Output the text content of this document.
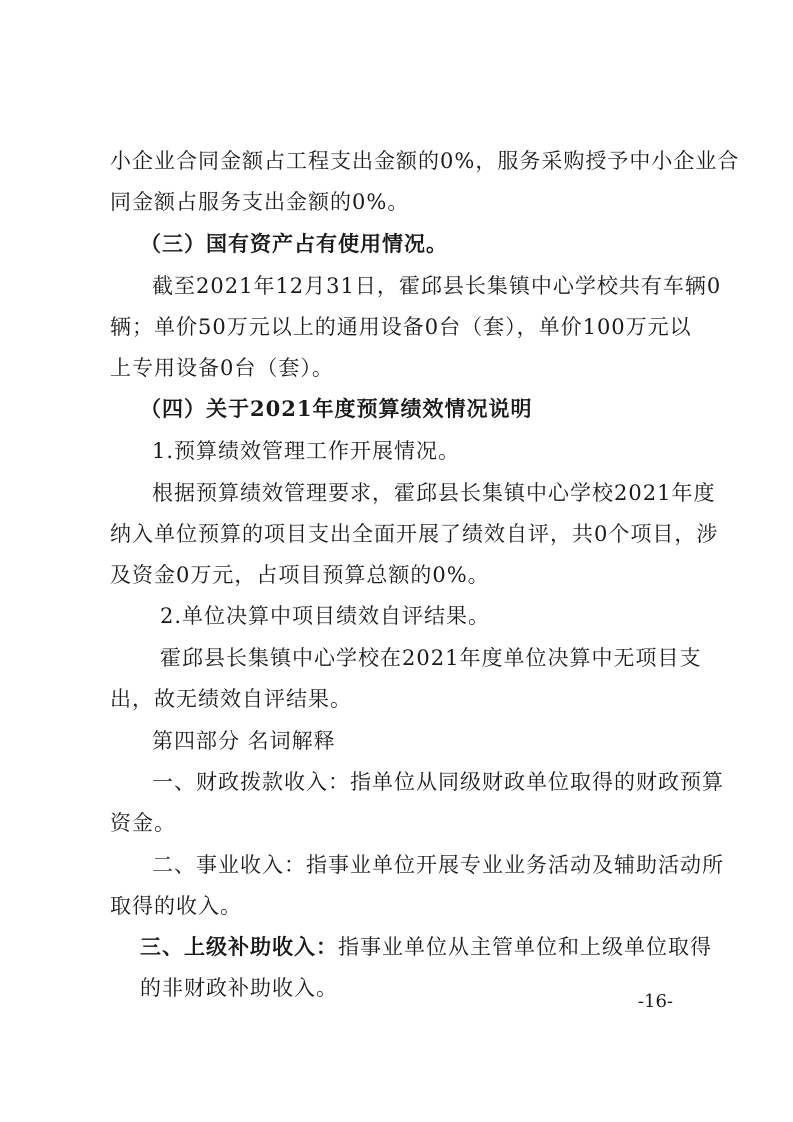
小企业合同金额占工程支出金额的0%，服务采购授予中小企业合
同金额占服务支出金额的0%。
（三）国有资产占有使用情况。
截至2021年12月31日，霍邱县长集镇中心学校共有车辆0
辆；单价50万元以上的通用设备0台（套），单价100万元以
上专用设备0台（套）。
（四）关于2021年度预算绩效情况说明
1.预算绩效管理工作开展情况。
根据预算绩效管理要求，霍邱县长集镇中心学校2021年度
纳入单位预算的项目支出全面开展了绩效自评，共0个项目，涉
及资金0万元，占项目预算总额的0%。
2.单位决算中项目绩效自评结果。
霍邱县长集镇中心学校在2021年度单位决算中无项目支
出，故无绩效自评结果。
第四部分 名词解释
一、财政拨款收入：指单位从同级财政单位取得的财政预算
资金。
二、事业收入：指事业单位开展专业业务活动及辅助活动所
取得的收入。
三、上级补助收入：指事业单位从主管单位和上级单位取得
的非财政补助收入。
-16-
